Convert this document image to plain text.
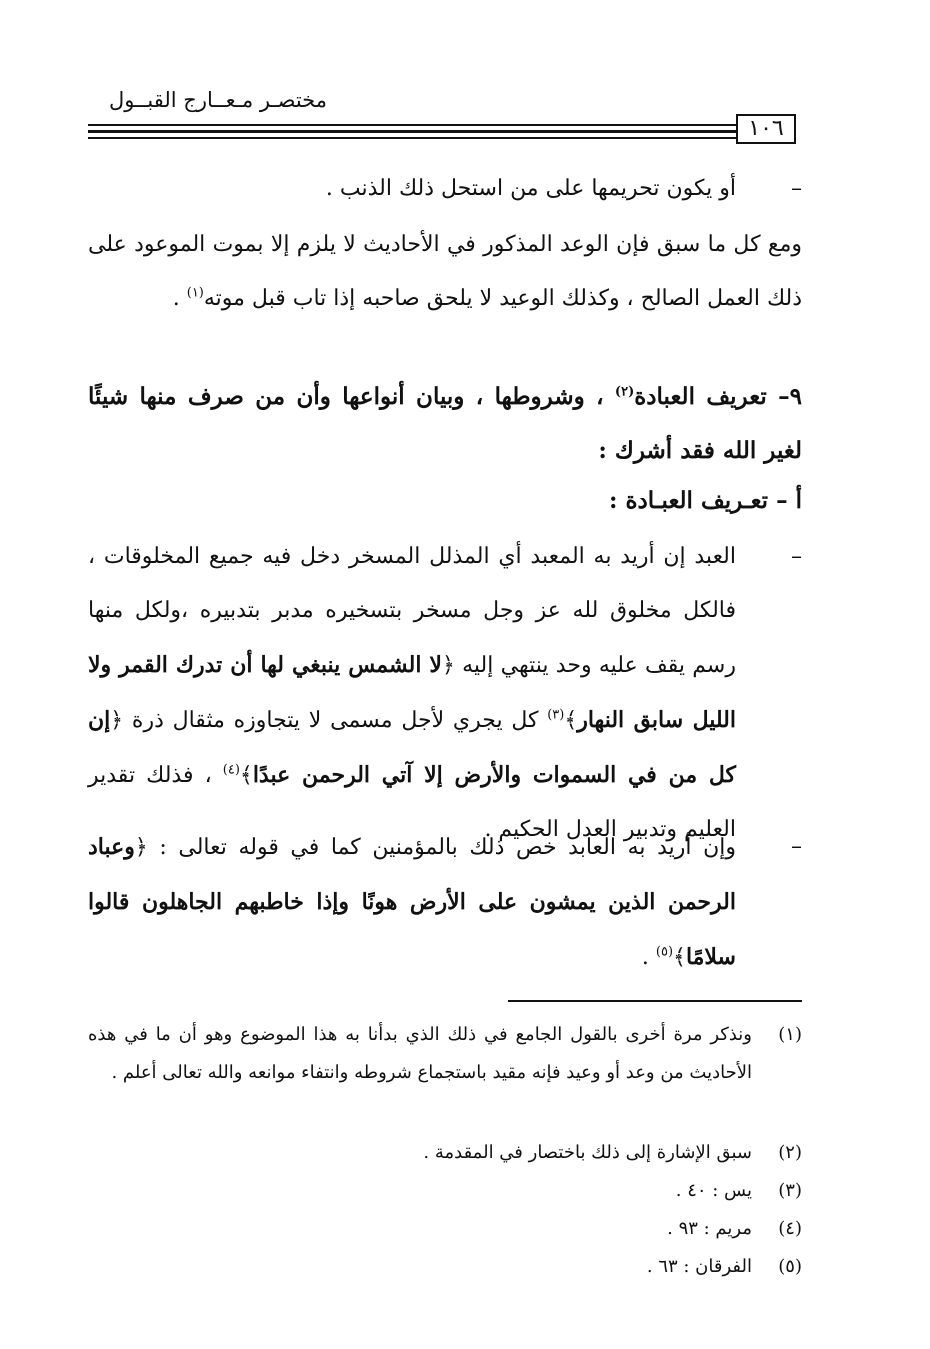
مختصـر مـعــارج القبــول
١٠٦
–
أو يكون تحريمها على من استحل ذلك الذنب .
ومع كل ما سبق فإن الوعد المذكور في الأحاديث لا يلزم إلا بموت الموعود على ذلك العمل الصالح ، وكذلك الوعيد لا يلحق صاحبه إذا تاب قبل موته$^{(١)}$ .
٩– تعريف العبادة$^{(٢)}$ ، وشروطها ، وبيان أنواعها وأن من صرف منها شيئًا لغير الله فقد أشرك :
أ – تعـريف العبـادة :
–
العبد إن أريد به المعبد أي المذلل المسخر دخل فيه جميع المخلوقات ، فالكل مخلوق لله عز وجل مسخر بتسخيره مدبر بتدبيره ،ولكل منها رسم يقف عليه وحد ينتهي إليه ﴿لا الشمس ينبغي لها أن تدرك القمر ولا الليل سابق النهار﴾$^{(٣)}$ كل يجري لأجل مسمى لا يتجاوزه مثقال ذرة ﴿إن كل من في السموات والأرض إلا آتي الرحمن عبدًا﴾$^{(٤)}$ ، فذلك تقدير العليم وتدبير العدل الحكيم .
–
وإن أريد به العابد خص ذلك بالمؤمنين كما في قوله تعالى : ﴿وعباد الرحمن الذين يمشون على الأرض هونًا وإذا خاطبهم الجاهلون قالوا سلامًا﴾$^{(٥)}$ .
(١)
ونذكر مرة أخرى بالقول الجامع في ذلك الذي بدأنا به هذا الموضوع وهو أن ما في هذه الأحاديث من وعد أو وعيد فإنه مقيد باستجماع شروطه وانتفاء موانعه والله تعالى أعلم .
(٢)
سبق الإشارة إلى ذلك باختصار في المقدمة .
(٣)
يس : ٤٠ .
(٤)
مريم : ٩٣ .
(٥)
الفرقان : ٦٣ .
